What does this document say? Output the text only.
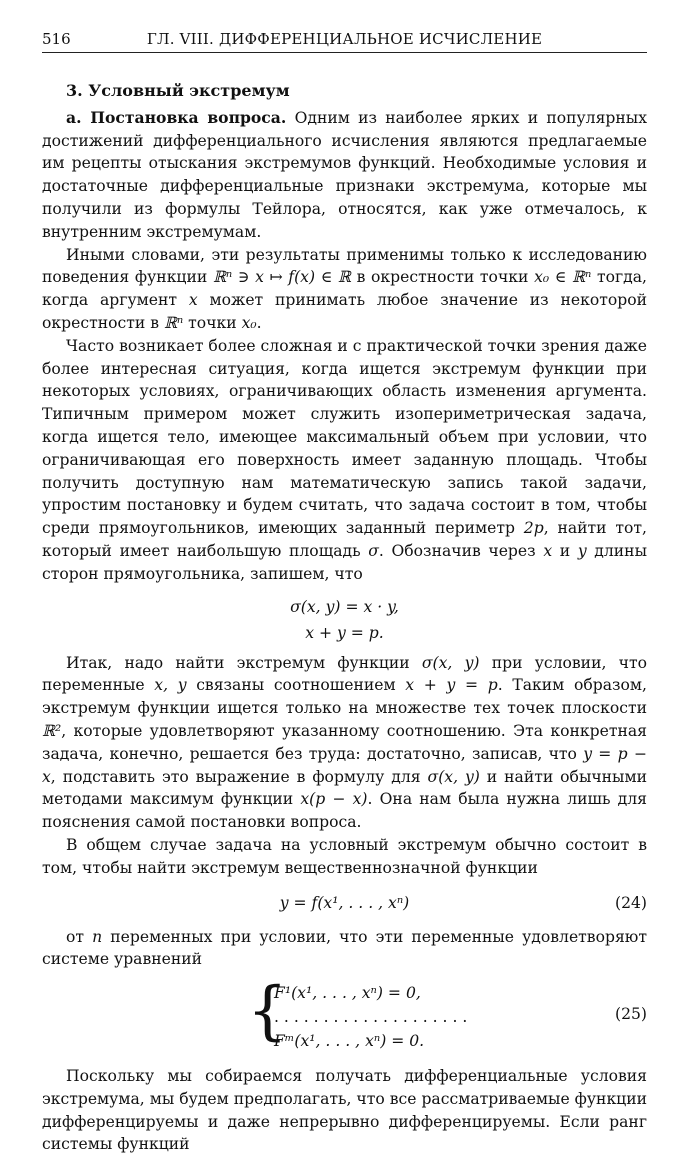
516	ГЛ. VIII. ДИФФЕРЕНЦИАЛЬНОЕ ИСЧИСЛЕНИЕ
3. Условный экстремум

а. Постановка вопроса. Одним из наиболее ярких и популярных достижений дифференциального исчисления являются предлагаемые им рецепты отыскания экстремумов функций. Необходимые условия и достаточные дифференциальные признаки экстремума, которые мы получили из формулы Тейлора, относятся, как уже отмечалось, к внутренним экстремумам.

Иными словами, эти результаты применимы только к исследованию поведения функции ℝⁿ ∋ x ↦ f(x) ∈ ℝ в окрестности точки x₀ ∈ ℝⁿ тогда, когда аргумент x может принимать любое значение из некоторой окрестности в ℝⁿ точки x₀.

Часто возникает более сложная и с практической точки зрения даже более интересная ситуация, когда ищется экстремум функции при некоторых условиях, ограничивающих область изменения аргумента. Типичным примером может служить изопериметрическая задача, когда ищется тело, имеющее максимальный объем при условии, что ограничивающая его поверхность имеет заданную площадь. Чтобы получить доступную нам математическую запись такой задачи, упростим постановку и будем считать, что задача состоит в том, чтобы среди прямоугольников, имеющих заданный периметр 2p, найти тот, который имеет наибольшую площадь σ. Обозначив через x и y длины сторон прямоугольника, запишем, что

σ(x, y) = x · y,
x + y = p.

Итак, надо найти экстремум функции σ(x, y) при условии, что переменные x, y связаны соотношением x + y = p. Таким образом, экстремум функции ищется только на множестве тех точек плоскости ℝ², которые удовлетворяют указанному соотношению. Эта конкретная задача, конечно, решается без труда: достаточно, записав, что y = p − x, подставить это выражение в формулу для σ(x, y) и найти обычными методами максимум функции x(p − x). Она нам была нужна лишь для пояснения самой постановки вопроса.

В общем случае задача на условный экстремум обычно состоит в том, чтобы найти экстремум вещественнозначной функции

y = f(x¹, . . . , xⁿ)	(24)

от n переменных при условии, что эти переменные удовлетворяют системе уравнений

{
F¹(x¹, . . . , xⁿ) = 0,
. . . . . . . . . . . . . . . . . . . .
Fᵐ(x¹, . . . , xⁿ) = 0.
(25)

Поскольку мы собираемся получать дифференциальные условия экстремума, мы будем предполагать, что все рассматриваемые функции дифференцируемы и даже непрерывно дифференцируемы. Если ранг системы функций
